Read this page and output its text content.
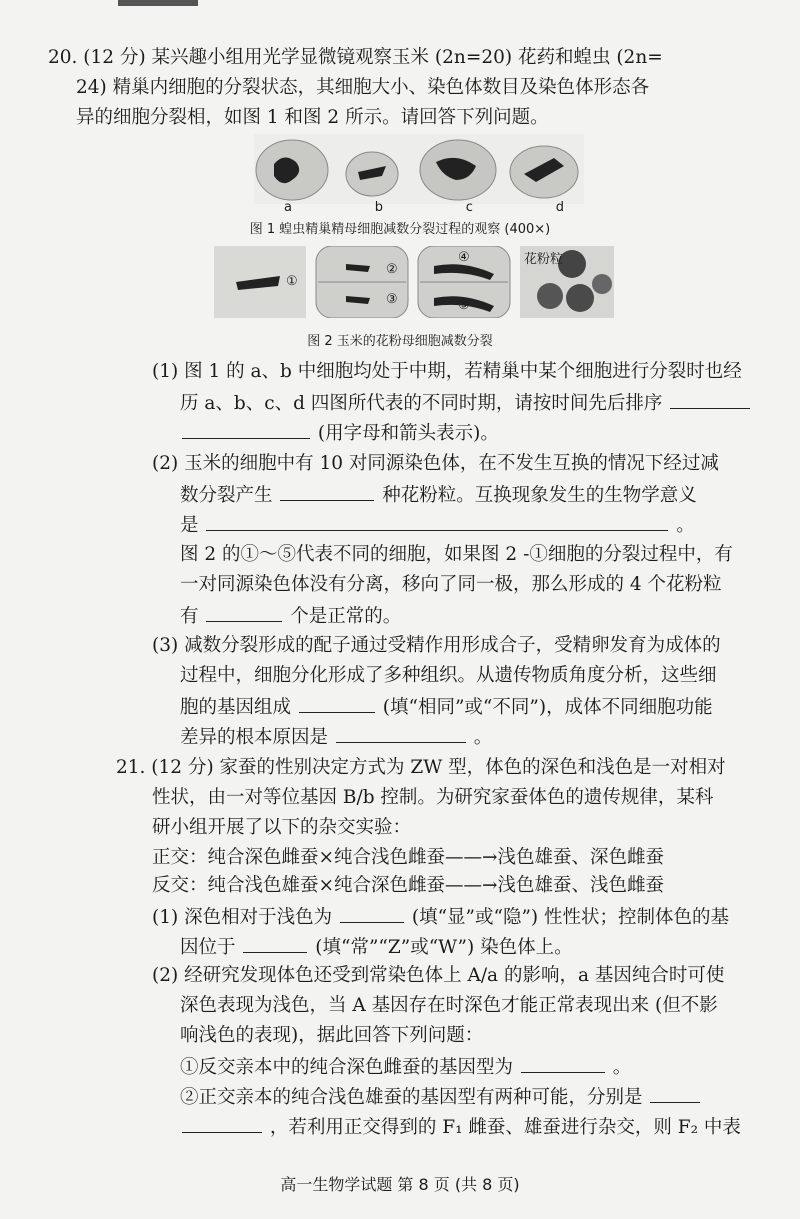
20. (12 分) 某兴趣小组用光学显微镜观察玉米 (2n=20) 花药和蝗虫 (2n=
24) 精巢内细胞的分裂状态，其细胞大小、染色体数目及染色体形态各
异的细胞分裂相，如图 1 和图 2 所示。请回答下列问题。
a	b	c	d
图 1 蝗虫精巢精母细胞减数分裂过程的观察 (400×)
①
②
③
④
⑤
花粉粒
图 2 玉米的花粉母细胞减数分裂
(1) 图 1 的 a、b 中细胞均处于中期，若精巢中某个细胞进行分裂时也经
历 a、b、c、d 四图所代表的不同时期，请按时间先后排序
(用字母和箭头表示)。
(2) 玉米的细胞中有 10 对同源染色体，在不发生互换的情况下经过减
数分裂产生	种花粉粒。互换现象发生的生物学意义
是	。
图 2 的①～⑤代表不同的细胞，如果图 2 -①细胞的分裂过程中，有
一对同源染色体没有分离，移向了同一极，那么形成的 4 个花粉粒
有	个是正常的。
(3) 减数分裂形成的配子通过受精作用形成合子，受精卵发育为成体的
过程中，细胞分化形成了多种组织。从遗传物质角度分析，这些细
胞的基因组成	(填“相同”或“不同”)，成体不同细胞功能
差异的根本原因是	。
21. (12 分) 家蚕的性别决定方式为 ZW 型，体色的深色和浅色是一对相对
性状，由一对等位基因 B/b 控制。为研究家蚕体色的遗传规律，某科
研小组开展了以下的杂交实验：
正交：纯合深色雌蚕×纯合浅色雌蚕——→浅色雄蚕、深色雌蚕
反交：纯合浅色雄蚕×纯合深色雌蚕——→浅色雄蚕、浅色雌蚕
(1) 深色相对于浅色为	(填“显”或“隐”) 性性状；控制体色的基
因位于	(填“常”“Z”或“W”) 染色体上。
(2) 经研究发现体色还受到常染色体上 A/a 的影响，a 基因纯合时可使
深色表现为浅色，当 A 基因存在时深色才能正常表现出来 (但不影
响浅色的表现)，据此回答下列问题：
①反交亲本中的纯合深色雌蚕的基因型为	。
②正交亲本的纯合浅色雄蚕的基因型有两种可能，分别是
，若利用正交得到的 F₁ 雌蚕、雄蚕进行杂交，则 F₂ 中表
高一生物学试题 第 8 页 (共 8 页)
